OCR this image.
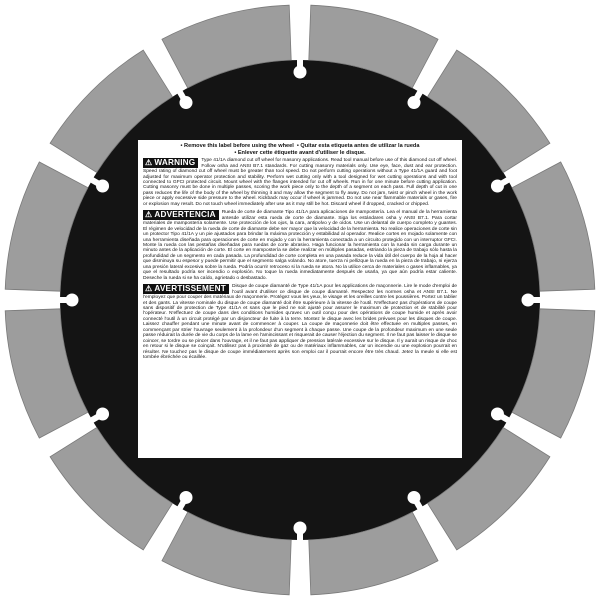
• Remove this label before using the wheel • Quitar esta etiqueta antes de utilizar la rueda
• Enlever cette étiquette avant d'utiliser le disque.
⚠ WARNING	Type 41/1A diamond cut off wheel for masonry applications. Read tool manual before use of this diamond cut off wheel. Follow osha and ANSI B7.1 standards. For cutting masonry materials only. Use eye, face, dust and ear protection. Speed rating of diamond cut off wheel must be greater than tool speed. Do not perform cutting operations without a Type 41/1A guard and foot adjusted for maximum operator protection and stability. Perform wet cutting only with a tool designed for wet cutting operations and with tool connected to GFCI protected circuit. Mount wheel with the flanges intended for cut off wheels. Run in for one minute before cutting application. Cutting masonry must be done in multiple passes, scoring the work piece only to the depth of a segment on each pass. Full depth of cut in one pass reduces the life of the body of the wheel by thinning it and may allow the segment to fly away. Do not jam, twist or pinch wheel in the work piece or apply excessive side pressure to the wheel. Kickback may occur if wheel is jammed. Do not use near flammable materials or gases, fire or explosion may result. Do not touch wheel immediately after use as it may still be hot. Discard wheel if dropped, cracked or chipped.

⚠ ADVERTENCIA	Rueda de corte de diamante Tipo 41/1A para aplicaciones de mampostería. Lea el manual de la herramienta antesde utilizar esta rueda de corte de diamante. Siga los estándares osha y ANSI B7.1. Para cortar materiales de mampostería solamente. Use protección de los ojos, la cara, antipolvo y de oídos. Use un delantal de cuerpo completo y guantes. El régimen de velocidad de la rueda de corte de diamante debe ser mayor que la velocidad de la herramienta. No realice operaciones de corte sin un protector Tipo 41/1A y un pie ajustados para brindar la máxima protección y estabilidad al operador. Realice cortes en mojado solamente con una herramienta diseñada para operaciones de corte en mojado y con la herramienta conectada a un circuito protegido con un interruptor GFCI. Monte la rueda con las pestañas diseñadas para ruedas de corte abrasivo. Haga funcionar la herramienta con la rueda sin carga durante un minuto antes de la aplicación de corte. El corte en mampostería se debe realizar en múltiples pasadas, estriando la pieza de trabajo sólo hasta la profundidad de un segmento en cada pasada. La profundidad de corte completa en una pasada reduce la vida útil del cuerpo de la hoja al hacer que disminuya su espesor y puede permitir que el segmento salga volando. No atore, tuerza ni pellizque la rueda en la pieza de trabajo, ni ejerza una presión lateral excesiva sobre la rueda. Podría ocurrir retroceso si la rueda se atora. No la utilice cerca de materiales o gases inflamables, ya que el resultado podría ser incendio o explosión. No toque la rueda inmediatamente después de usarla, ya que aún podría estar caliente. Deseche la rueda si se ha caído, agrietado o desbastado.

⚠ AVERTISSEMENT	Disque de coupe diamanté de Type 41/1A pour les applications de maçonnerie. Lire le mode d'emploi de l'outil avant d'utiliser ce disque de coupe diamanté. Respectez les normes osha et ANSI B7.1. Ne l'employez que pour couper des matériaux de maçonnerie. Protégez vous les yeux, le visage et les oreilles contre les poussières. Portez un tablier et des gants. La vitesse nominale du disque de coupe diamanté doit être supérieure à la vitesse de l'outil. N'effectuez pas d'opérations de coupe sans dispositif de protection de Type 41/1A et sans que le pied ne soit ajusté pour assurer le maximum de protection et de stabilité pour l'opérateur. N'effectuez de coupe dans des conditions humides qu'avec un outil conçu pour des opérations de coupe humide et après avoir connecté l'outil à un circuit protégé par un disjoncteur de fuite à la terre. Montez le disque avec les brides prévues pour les disques de coupe. Laissez chauffer pendant une minute avant de commencer à couper. La coupe de maçonnerie doit être effectuée en multiples passes, en commençant par strier l'ouvrage seulement à la profondeur d'un segment à chaque passe. Une coupe de la profondeur maximum en une seule passe réduirait la durée de vie du corps de la lame en l'amincissant et risquerait de causer l'éjection du segment. Il ne faut pas laisser le disque se coincer, se tordre ou se pincer dans l'ouvrage, et il ne faut pas appliquer de pression latérale excessive sur le disque. Il y aurait un risque de choc en retour si le disque se coinçait. N'utilisez pas à proximité de gaz ou de matériaux inflammables, car un incendie ou une explosion pourrait en résulter. Ne touchez pas le disque de coupe immédiatement après son emploi car il pourrait encore être très chaud. Jetez la meule si elle est tombée ébréchée ou écaillée.
